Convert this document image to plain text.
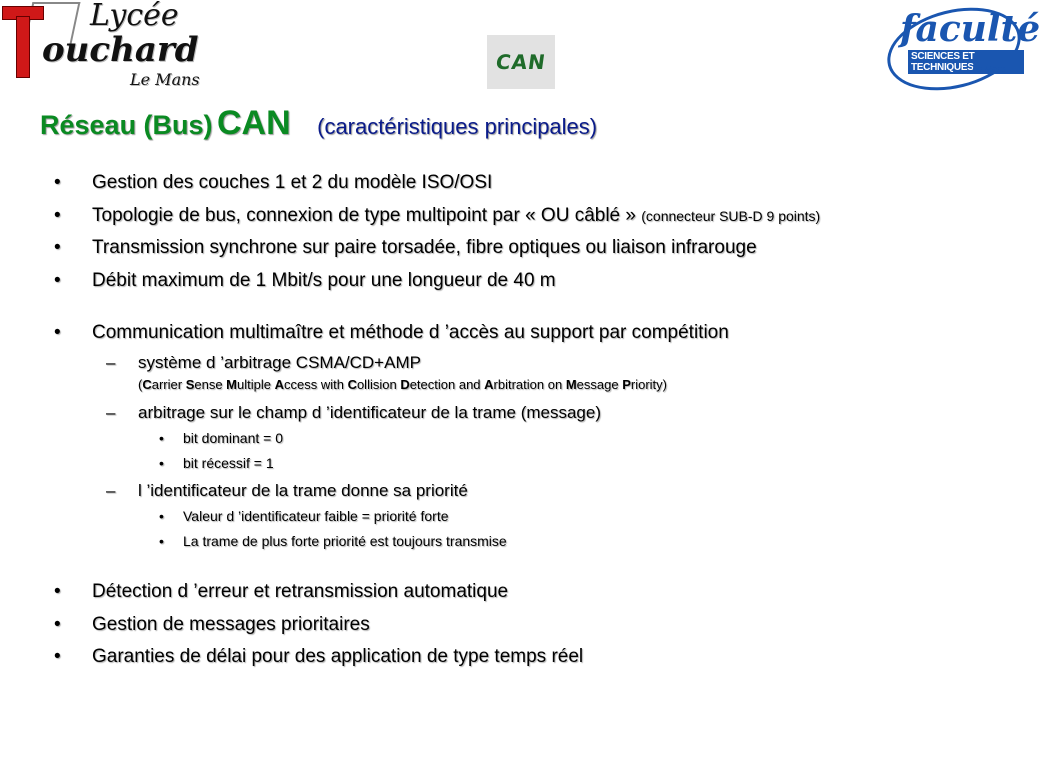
Lycée
ouchard
Le Mans
CAN
faculté
SCIENCES ET TECHNIQUES
Le Mans
Réseau (Bus) CAN (caractéristiques principales)
• Gestion des couches 1 et 2 du modèle ISO/OSI
• Topologie de bus, connexion de type multipoint par « OU câblé » (connecteur SUB-D 9 points)
• Transmission synchrone sur paire torsadée, fibre optiques ou liaison infrarouge
• Débit maximum de 1 Mbit/s pour une longueur de 40 m
• Communication multimaître et méthode d ’accès au support par compétition
– système d ’arbitrage CSMA/CD+AMP
(Carrier Sense Multiple Access with Collision Detection and Arbitration on Message Priority)
– arbitrage sur le champ d ’identificateur de la trame (message)
• bit dominant = 0
• bit récessif = 1
– l ’identificateur de la trame donne sa priorité
• Valeur d ’identificateur faible = priorité forte
• La trame de plus forte priorité est toujours transmise
• Détection d ’erreur et retransmission automatique
• Gestion de messages prioritaires
• Garanties de délai pour des application de type temps réel
